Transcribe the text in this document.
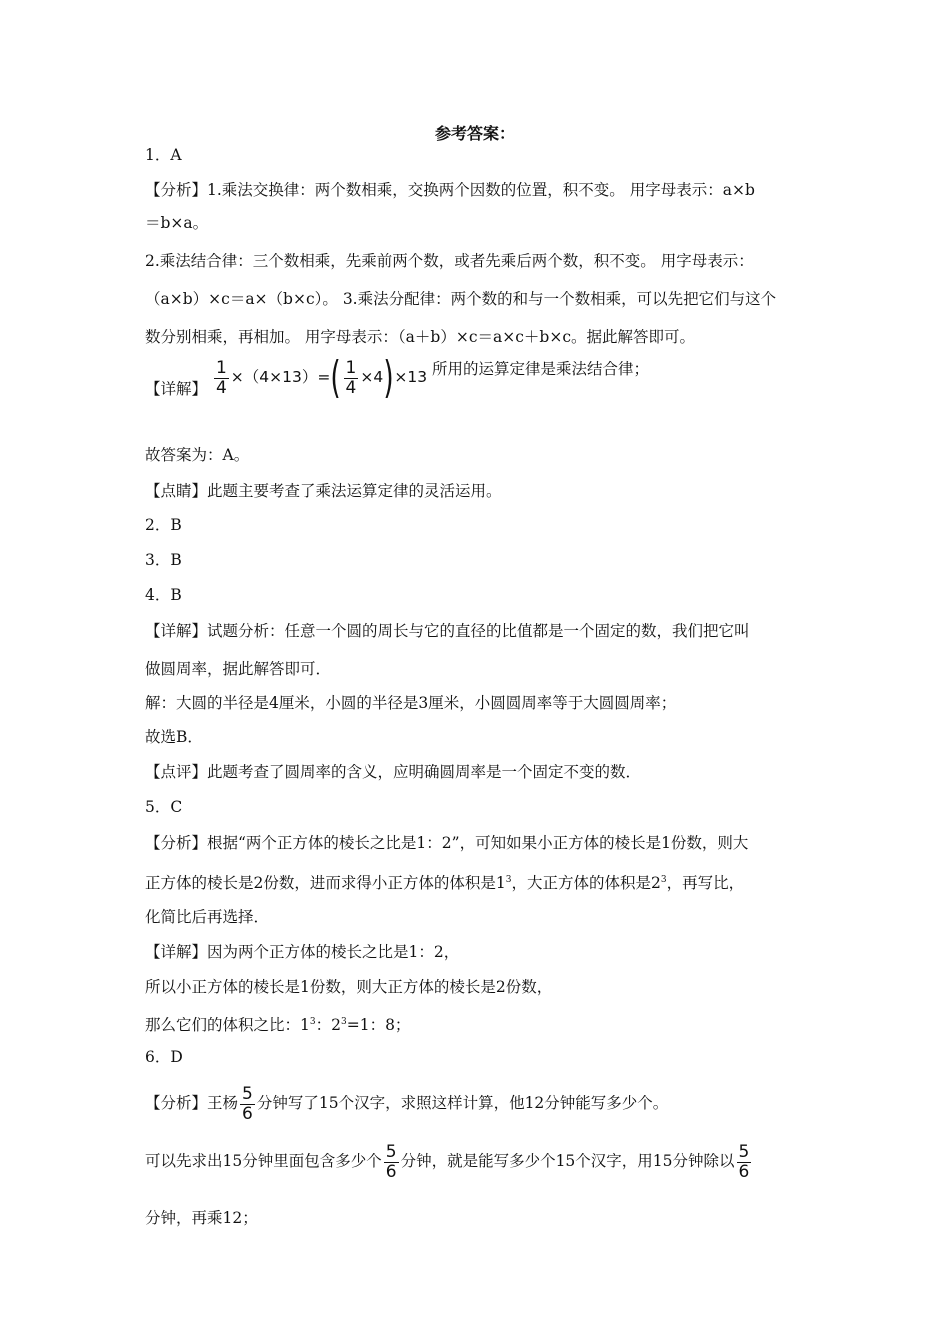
参考答案：
1．A
【分析】1.乘法交换律：两个数相乘，交换两个因数的位置，积不变。 用字母表示：a×b
＝b×a。
2.乘法结合律：三个数相乘，先乘前两个数，或者先乘后两个数，积不变。 用字母表示：
（a×b）×c＝a×（b×c）。 3.乘法分配律：两个数的和与一个数相乘，可以先把它们与这个
数分别相乘，再相加。 用字母表示：（a＋b）×c＝a×c＋b×c。据此解答即可。
【详解】 $\frac{1}{4} \times(4\times 13)=( \frac{1}{4} \times 4)\times 13$ 所用的运算定律是乘法结合律；
故答案为：A。
【点睛】此题主要考查了乘法运算定律的灵活运用。
2．B
3．B
4．B
【详解】试题分析：任意一个圆的周长与它的直径的比值都是一个固定的数，我们把它叫
做圆周率，据此解答即可．
解：大圆的半径是4厘米，小圆的半径是3厘米，小圆圆周率等于大圆圆周率；
故选B．
【点评】此题考查了圆周率的含义，应明确圆周率是一个固定不变的数．
5．C
【分析】根据“两个正方体的棱长之比是1：2”，可知如果小正方体的棱长是1份数，则大
正方体的棱长是2份数，进而求得小正方体的体积是$1^3$，大正方体的体积是$2^3$，再写比，
化简比后再选择．
【详解】因为两个正方体的棱长之比是1：2，
所以小正方体的棱长是1份数，则大正方体的棱长是2份数，
那么它们的体积之比：$1^3$：$2^3=1$：8；
6．D
【分析】王杨 $\frac{5}{6}$ 分钟写了15个汉字，求照这样计算，他12分钟能写多少个。
可以先求出15分钟里面包含多少个 $\frac{5}{6}$ 分钟，就是能写多少个15个汉字，用15分钟除以 $\frac{5}{6}$
分钟，再乘12；
